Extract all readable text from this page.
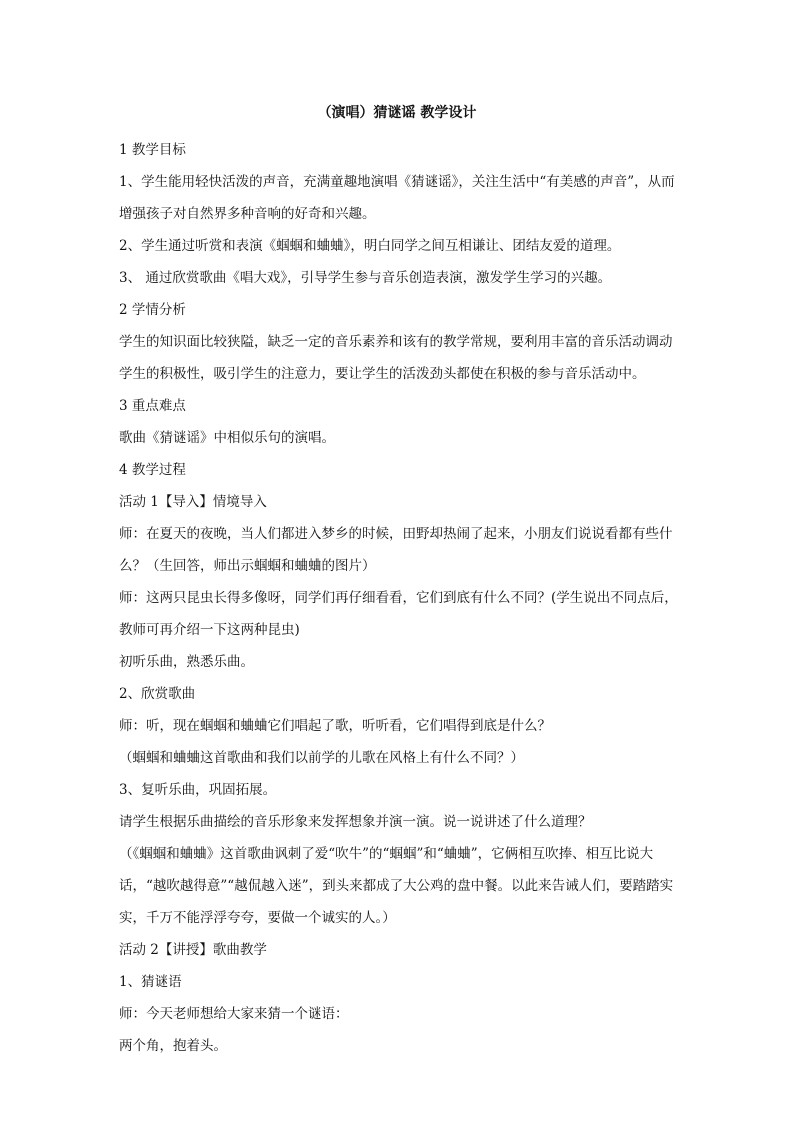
（演唱）猜谜谣 教学设计

1 教学目标

1、学生能用轻快活泼的声音，充满童趣地演唱《猜谜谣》，关注生活中“有美感的声音”，从而增强孩子对自然界多种音响的好奇和兴趣。

2、学生通过听赏和表演《蝈蝈和蛐蛐》，明白同学之间互相谦让、团结友爱的道理。

3、 通过欣赏歌曲《唱大戏》，引导学生参与音乐创造表演，激发学生学习的兴趣。

2 学情分析

学生的知识面比较狭隘，缺乏一定的音乐素养和该有的教学常规，要利用丰富的音乐活动调动学生的积极性，吸引学生的注意力，要让学生的活泼劲头都使在积极的参与音乐活动中。

3 重点难点

歌曲《猜谜谣》中相似乐句的演唱。

4 教学过程

活动 1【导入】情境导入

师：在夏天的夜晚，当人们都进入梦乡的时候，田野却热闹了起来，小朋友们说说看都有些什么？（生回答，师出示蝈蝈和蛐蛐的图片）

师：这两只昆虫长得多像呀，同学们再仔细看看，它们到底有什么不同？(学生说出不同点后，教师可再介绍一下这两种昆虫)

初听乐曲，熟悉乐曲。

2、欣赏歌曲

师：听，现在蝈蝈和蛐蛐它们唱起了歌，听听看，它们唱得到底是什么？

（蝈蝈和蛐蛐这首歌曲和我们以前学的儿歌在风格上有什么不同？）

3、复听乐曲，巩固拓展。

请学生根据乐曲描绘的音乐形象来发挥想象并演一演。说一说讲述了什么道理？

（《蝈蝈和蛐蛐》这首歌曲讽刺了爱“吹牛”的“蝈蝈”和“蛐蛐”，它俩相互吹捧、相互比说大话，“越吹越得意”“越侃越入迷”，到头来都成了大公鸡的盘中餐。以此来告诫人们，要踏踏实实，千万不能浮浮夸夸，要做一个诚实的人。）

活动 2【讲授】歌曲教学

1、猜谜语

师：今天老师想给大家来猜一个谜语：

两个角，抱着头。
